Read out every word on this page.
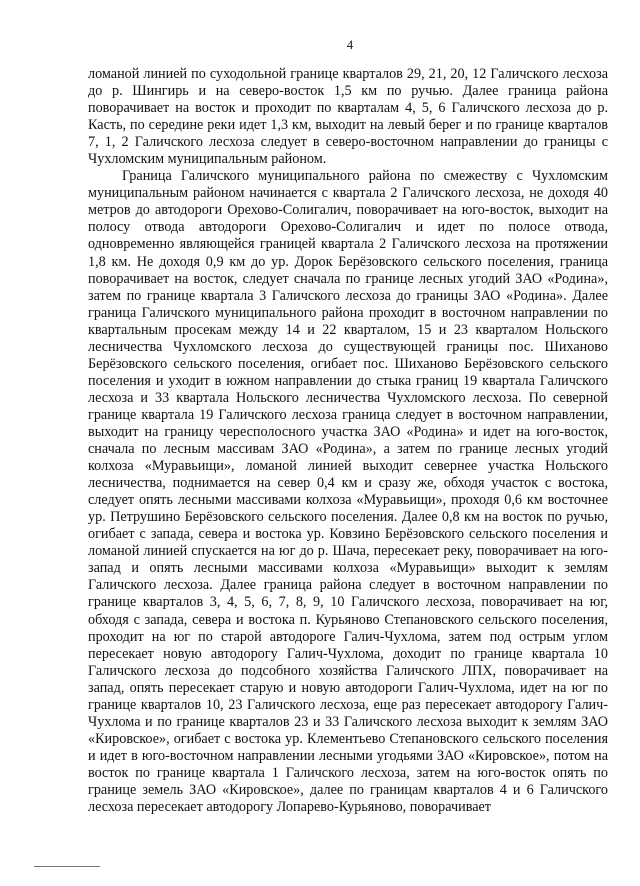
4

ломаной линией по суходольной границе кварталов 29, 21, 20, 12 Галичского лесхоза до р. Шингирь и на северо-восток 1,5 км по ручью. Далее граница района поворачивает на восток и проходит по кварталам 4, 5, 6 Галичского лесхоза до р. Касть, по середине реки идет 1,3 км, выходит на левый берег и по границе кварталов 7, 1, 2 Галичского лесхоза следует в северо-восточном направлении до границы с Чухломским муниципальным районом.

Граница Галичского муниципального района по смежеству с Чухломским муниципальным районом начинается с квартала 2 Галичского лесхоза, не доходя 40 метров до автодороги Орехово-Солигалич, поворачивает на юго-восток, выходит на полосу отвода автодороги Орехово-Солигалич и идет по полосе отвода, одновременно являющейся границей квартала 2 Галичского лесхоза на протяжении 1,8 км. Не доходя 0,9 км до ур. Дорок Берёзовского сельского поселения, граница поворачивает на восток, следует сначала по границе лесных угодий ЗАО «Родина», затем по границе квартала 3 Галичского лесхоза до границы ЗАО «Родина». Далее граница Галичского муниципального района проходит в восточном направлении по квартальным просекам между 14 и 22 кварталом, 15 и 23 кварталом Нольского лесничества Чухломского лесхоза до существующей границы пос. Шиханово Берёзовского сельского поселения, огибает пос. Шиханово Берёзовского сельского поселения и уходит в южном направлении до стыка границ 19 квартала Галичского лесхоза и 33 квартала Нольского лесничества Чухломского лесхоза. По северной границе квартала 19 Галичского лесхоза граница следует в восточном направлении, выходит на границу чересполосного участка ЗАО «Родина» и идет на юго-восток, сначала по лесным массивам ЗАО «Родина», а затем по границе лесных угодий колхоза «Муравьищи», ломаной линией выходит севернее участка Нольского лесничества, поднимается на север 0,4 км и сразу же, обходя участок с востока, следует опять лесными массивами колхоза «Муравьищи», проходя 0,6 км восточнее ур. Петрушино Берёзовского сельского поселения. Далее 0,8 км на восток по ручью, огибает с запада, севера и востока ур. Ковзино Берёзовского сельского поселения и ломаной линией спускается на юг до р. Шача, пересекает реку, поворачивает на юго-запад и опять лесными массивами колхоза «Муравьищи» выходит к землям Галичского лесхоза. Далее граница района следует в восточном направлении по границе кварталов 3, 4, 5, 6, 7, 8, 9, 10 Галичского лесхоза, поворачивает на юг, обходя с запада, севера и востока п. Курьяново Степановского сельского поселения, проходит на юг по старой автодороге Галич-Чухлома, затем под острым углом пересекает новую автодорогу Галич-Чухлома, доходит по границе квартала 10 Галичского лесхоза до подсобного хозяйства Галичского ЛПХ, поворачивает на запад, опять пересекает старую и новую автодороги Галич-Чухлома, идет на юг по границе кварталов 10, 23 Галичского лесхоза, еще раз пересекает автодорогу Галич-Чухлома и по границе кварталов 23 и 33 Галичского лесхоза выходит к землям ЗАО «Кировское», огибает с востока ур. Клементьево Степановского сельского поселения и идет в юго-восточном направлении лесными угодьями ЗАО «Кировское», потом на восток по границе квартала 1 Галичского лесхоза, затем на юго-восток опять по границе земель ЗАО «Кировское», далее по границам кварталов 4 и 6 Галичского лесхоза пересекает автодорогу Лопарево-Курьяново, поворачивает
